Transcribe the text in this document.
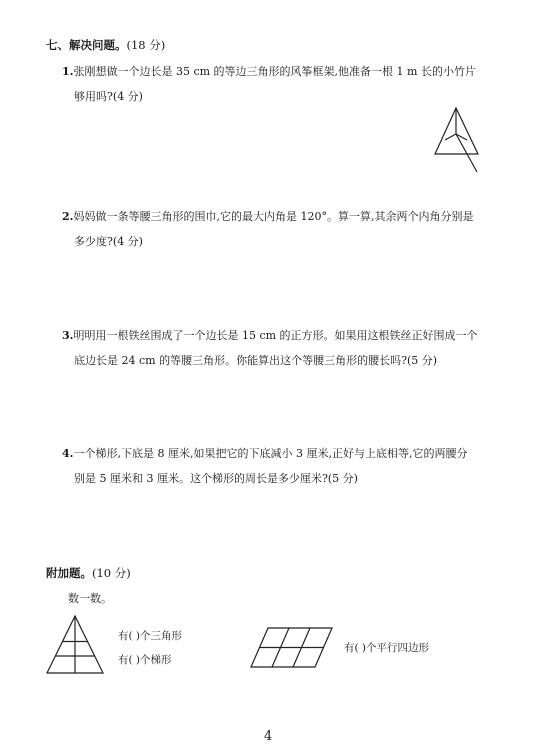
七、解决问题。(18 分)
1.张刚想做一个边长是 35 cm 的等边三角形的风筝框架,他准备一根 1 m 长的小竹片
够用吗?(4 分)
2.妈妈做一条等腰三角形的围巾,它的最大内角是 120°。算一算,其余两个内角分别是
多少度?(4 分)
3.明明用一根铁丝围成了一个边长是 15 cm 的正方形。如果用这根铁丝正好围成一个
底边长是 24 cm 的等腰三角形。你能算出这个等腰三角形的腰长吗?(5 分)
4.一个梯形,下底是 8 厘米,如果把它的下底减小 3 厘米,正好与上底相等,它的两腰分
别是 5 厘米和 3 厘米。这个梯形的周长是多少厘米?(5 分)
附加题。(10 分)
数一数。
有( )个三角形
有( )个梯形
有( )个平行四边形
4
